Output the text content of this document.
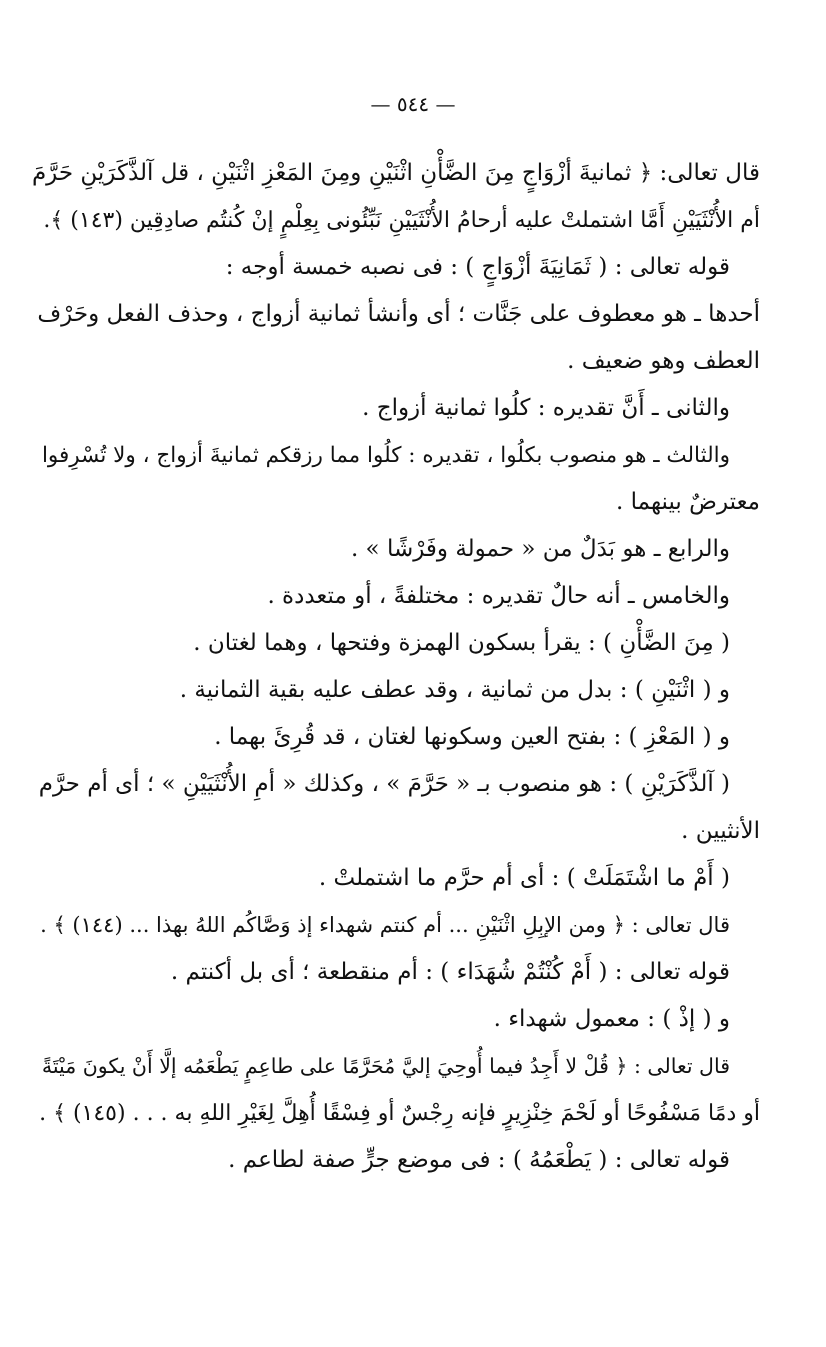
— ٥٤٤ —
قال تعالى: ﴿ ثمانيةَ أزْوَاجٍ مِنَ الضَّأْنِ اثْنَيْنِ ومِنَ المَعْزِ اثْنَيْنِ ، قل آلذَّكَرَيْنِ حَرَّمَ
أم الأُنْثَيَيْنِ أَمَّا اشتملتْ عليه أرحامُ الأُنْثَيَيْنِ نَبِّئُونى بِعِلْمٍ إنْ كُنتُم صادِقِين (١٤٣) ﴾.
قوله تعالى : ( ثَمَانِيَةَ أزْوَاجٍ ) : فى نصبه خمسة أوجه :
أحدها ـ هو معطوف على جَنَّات ؛ أى وأنشأ ثمانية أزواج ، وحذف الفعل وحَرْف
العطف وهو ضعيف .
والثانى ـ أَنَّ تقديره : كلُوا ثمانية أزواج .
والثالث ـ هو منصوب بكلُوا ، تقديره : كلُوا مما رزقكم ثمانيةَ أزواج ، ولا تُسْرِفوا
معترضٌ بينهما .
والرابع ـ هو بَدَلٌ من « حمولة وفَرْشًا » .
والخامس ـ أنه حالٌ تقديره : مختلفةً ، أو متعددة .
( مِنَ الضَّأْنِ ) : يقرأ بسكون الهمزة وفتحها ، وهما لغتان .
و ( اثْنَيْنِ ) : بدل من ثمانية ، وقد عطف عليه بقية الثمانية .
و ( المَعْزِ ) : بفتح العين وسكونها لغتان ، قد قُرِئَ بهما .
( آلذَّكَرَيْنِ ) : هو منصوب بـ « حَرَّمَ » ، وكذلك « أمِ الأُنْثَيَيْنِ » ؛ أى أم حرَّم
الأنثيين .
( أَمْ ما اشْتَمَلَتْ ) : أى أم حرَّم ما اشتملتْ .
قال تعالى : ﴿ ومن الإبِلِ اثْنَيْنِ ... أم كنتم شهداء إذ وَصَّاكُم اللهُ بهذا ... (١٤٤) ﴾ .
قوله تعالى : ( أَمْ كُنْتُمْ شُهَدَاء ) : أم منقطعة ؛ أى بل أكنتم .
و ( إذْ ) : معمول شهداء .
قال تعالى : ﴿ قُلْ لا أَجِدُ فيما أُوحِيَ إليَّ مُحَرَّمًا على طاعِمٍ يَطْعَمُه إلَّا أَنْ يكونَ مَيْتَةً
أو دمًا مَسْفُوحًا أو لَحْمَ خِنْزِيرٍ فإنه رِجْسٌ أو فِسْقًا أُهِلَّ لِغَيْرِ اللهِ به . . . (١٤٥) ﴾ .
قوله تعالى : ( يَطْعَمُهُ ) : فى موضع جرٍّ صفة لطاعم .
